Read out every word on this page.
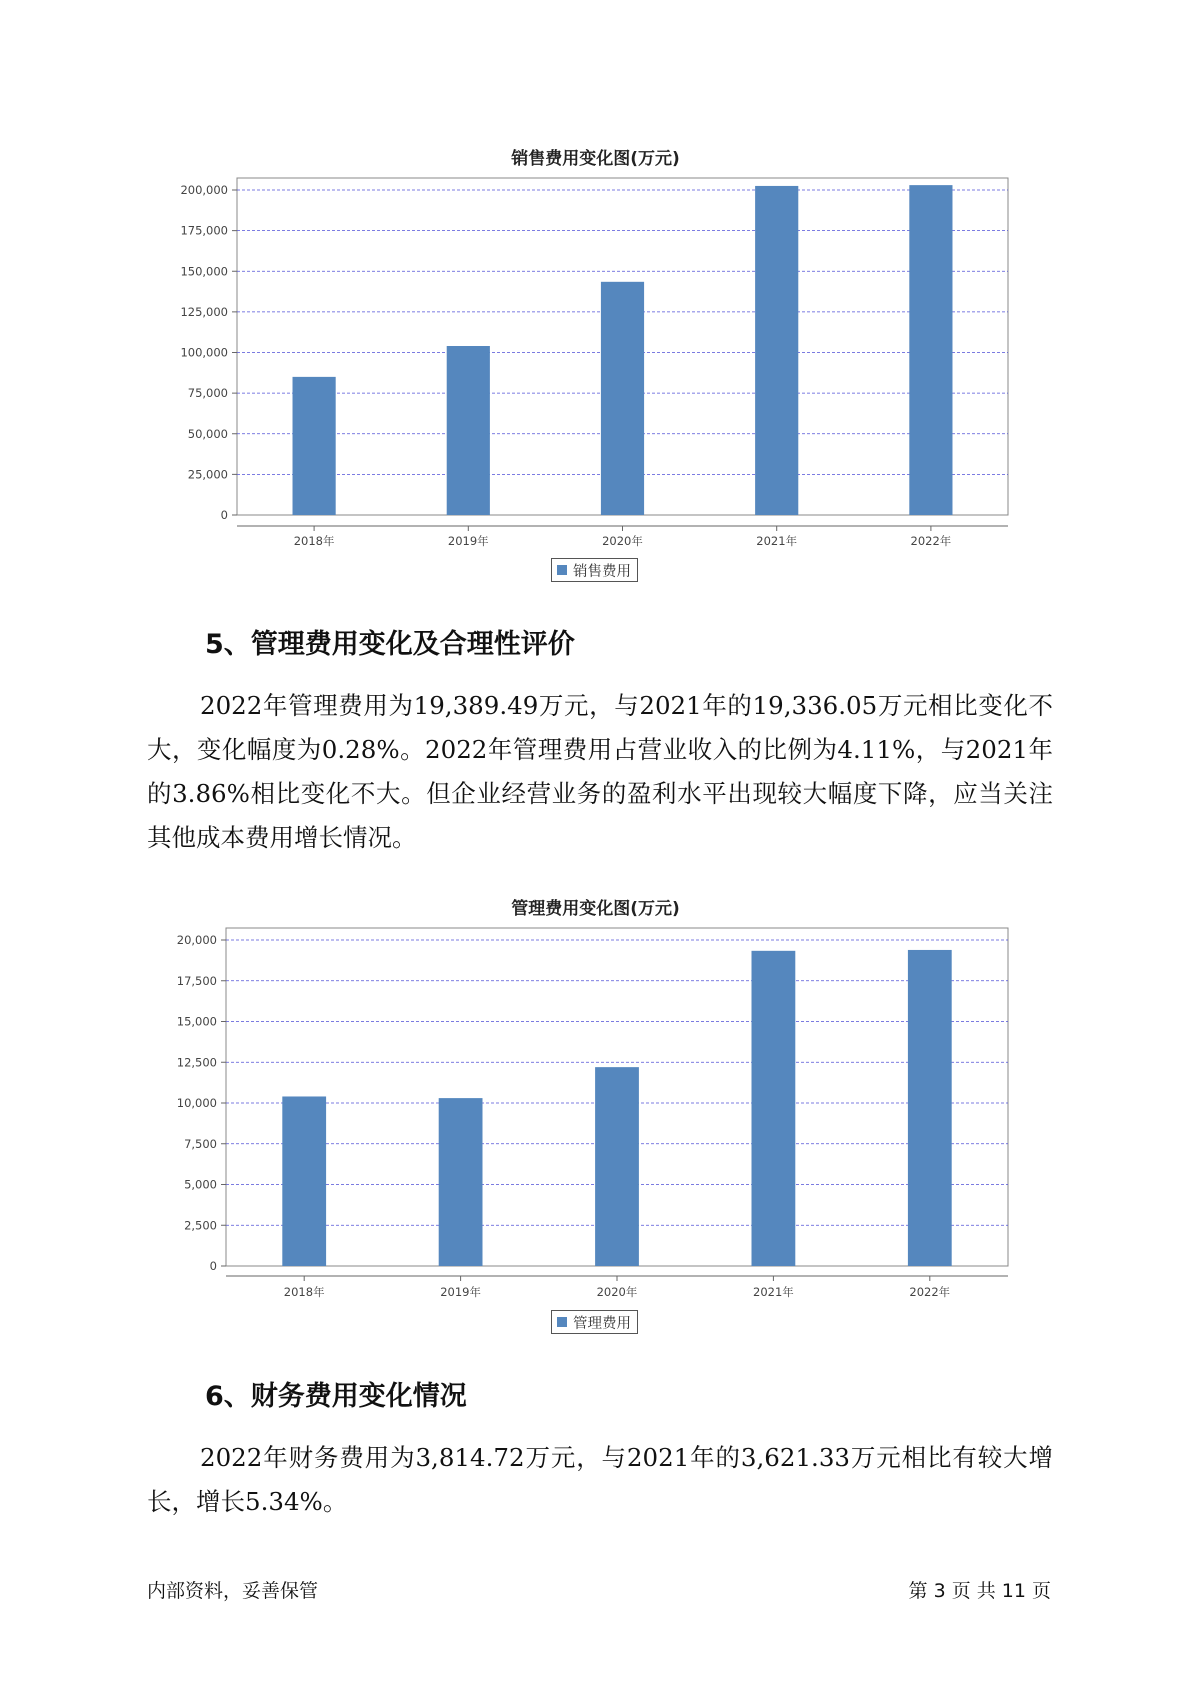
销售费用变化图(万元)
0
25,000
50,000
75,000
100,000
125,000
150,000
175,000
200,000
2018年	2019年	2020年	2021年	2022年
销售费用
5、管理费用变化及合理性评价
2022年管理费用为19,389.49万元，与2021年的19,336.05万元相比变化不大，变化幅度为0.28%。2022年管理费用占营业收入的比例为4.11%，与2021年的3.86%相比变化不大。但企业经营业务的盈利水平出现较大幅度下降，应当关注其他成本费用增长情况。
管理费用变化图(万元)
0
2,500
5,000
7,500
10,000
12,500
15,000
17,500
20,000
2018年	2019年	2020年	2021年	2022年
管理费用
6、财务费用变化情况
2022年财务费用为3,814.72万元，与2021年的3,621.33万元相比有较大增长，增长5.34%。
内部资料，妥善保管	第 3 页 共 11 页
